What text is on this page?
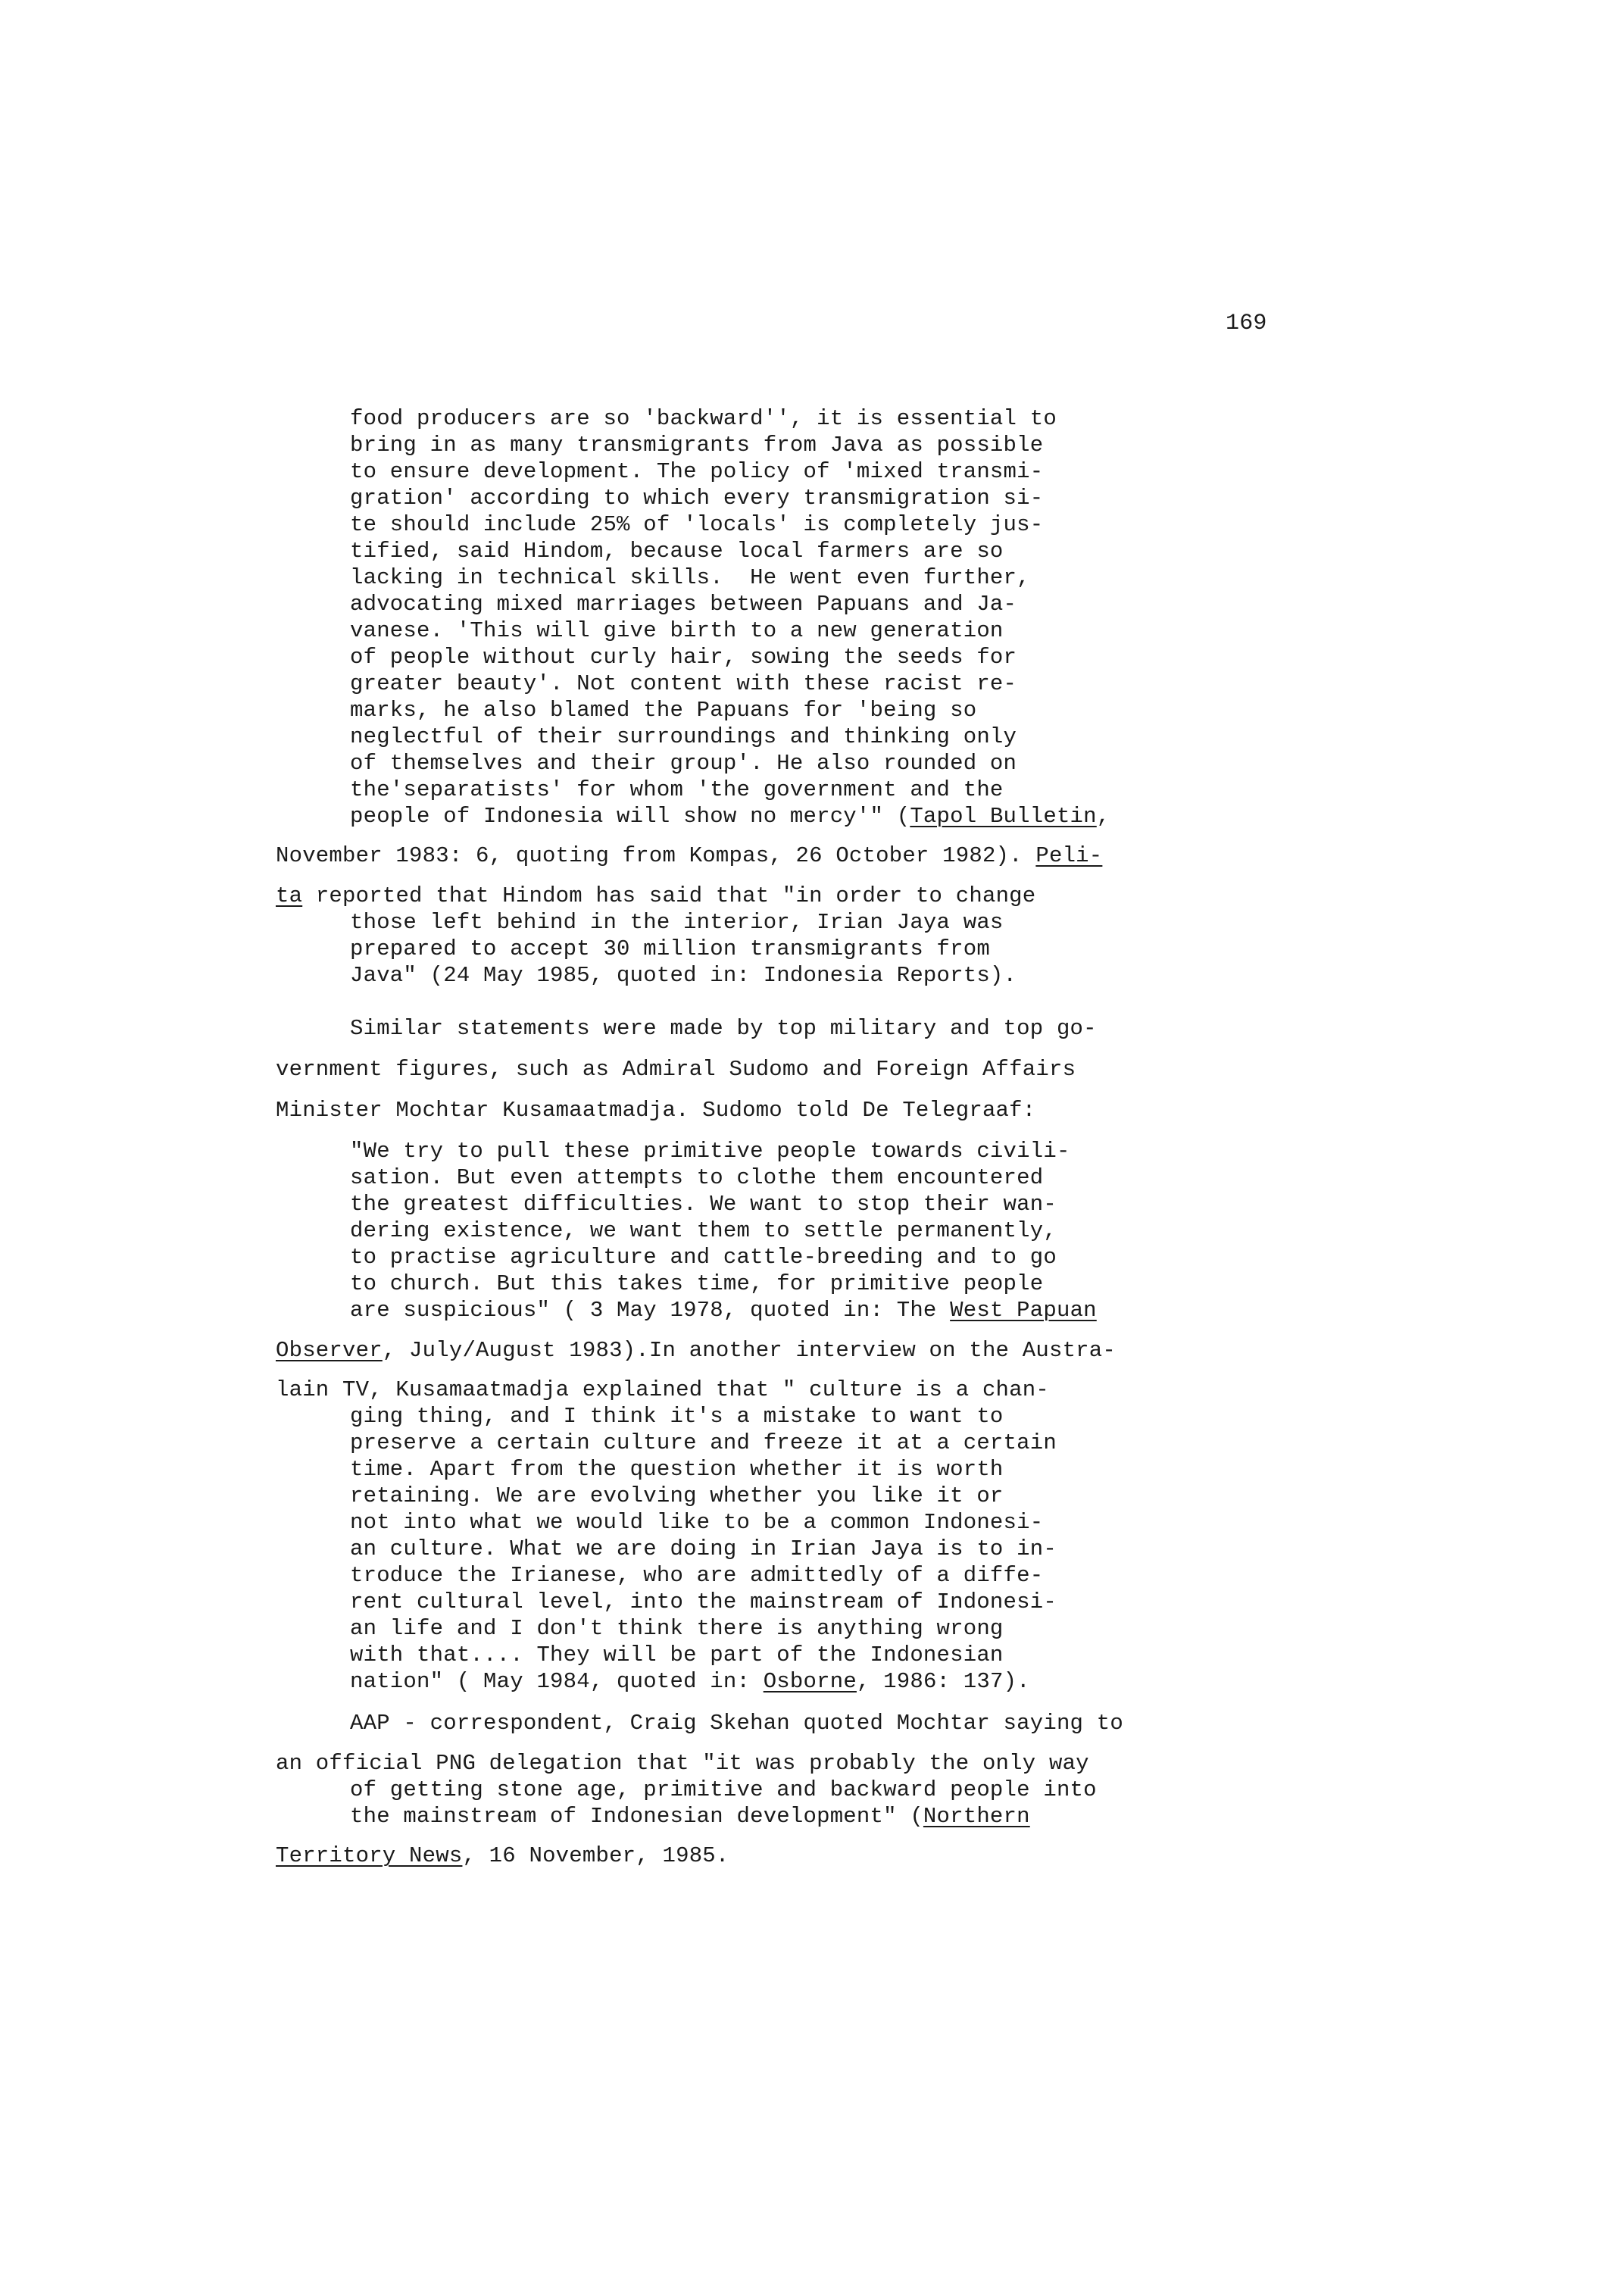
169
food producers are so 'backward'', it is essential to
bring in as many transmigrants from Java as possible
to ensure development. The policy of 'mixed transmi-
gration' according to which every transmigration si-
te should include 25% of 'locals' is completely jus-
tified, said Hindom, because local farmers are so
lacking in technical skills.  He went even further,
advocating mixed marriages between Papuans and Ja-
vanese. 'This will give birth to a new generation
of people without curly hair, sowing the seeds for
greater beauty'. Not content with these racist re-
marks, he also blamed the Papuans for 'being so
neglectful of their surroundings and thinking only
of themselves and their group'. He also rounded on
the'separatists' for whom 'the government and the
people of Indonesia will show no mercy'" (Tapol Bulletin,
November 1983: 6, quoting from Kompas, 26 October 1982). Peli-
ta reported that Hindom has said that "in order to change
those left behind in the interior, Irian Jaya was
prepared to accept 30 million transmigrants from
Java" (24 May 1985, quoted in: Indonesia Reports).
Similar statements were made by top military and top go-
vernment figures, such as Admiral Sudomo and Foreign Affairs
Minister Mochtar Kusamaatmadja. Sudomo told De Telegraaf:
"We try to pull these primitive people towards civili-
sation. But even attempts to clothe them encountered
the greatest difficulties. We want to stop their wan-
dering existence, we want them to settle permanently,
to practise agriculture and cattle-breeding and to go
to church. But this takes time, for primitive people
are suspicious" ( 3 May 1978, quoted in: The West Papuan
Observer, July/August 1983).In another interview on the Austra-
lain TV, Kusamaatmadja explained that " culture is a chan-
ging thing, and I think it's a mistake to want to
preserve a certain culture and freeze it at a certain
time. Apart from the question whether it is worth
retaining. We are evolving whether you like it or
not into what we would like to be a common Indonesi-
an culture. What we are doing in Irian Jaya is to in-
troduce the Irianese, who are admittedly of a diffe-
rent cultural level, into the mainstream of Indonesi-
an life and I don't think there is anything wrong
with that.... They will be part of the Indonesian
nation" ( May 1984, quoted in: Osborne, 1986: 137).
AAP - correspondent, Craig Skehan quoted Mochtar saying to
an official PNG delegation that "it was probably the only way
of getting stone age, primitive and backward people into
the mainstream of Indonesian development" (Northern
Territory News, 16 November, 1985.
